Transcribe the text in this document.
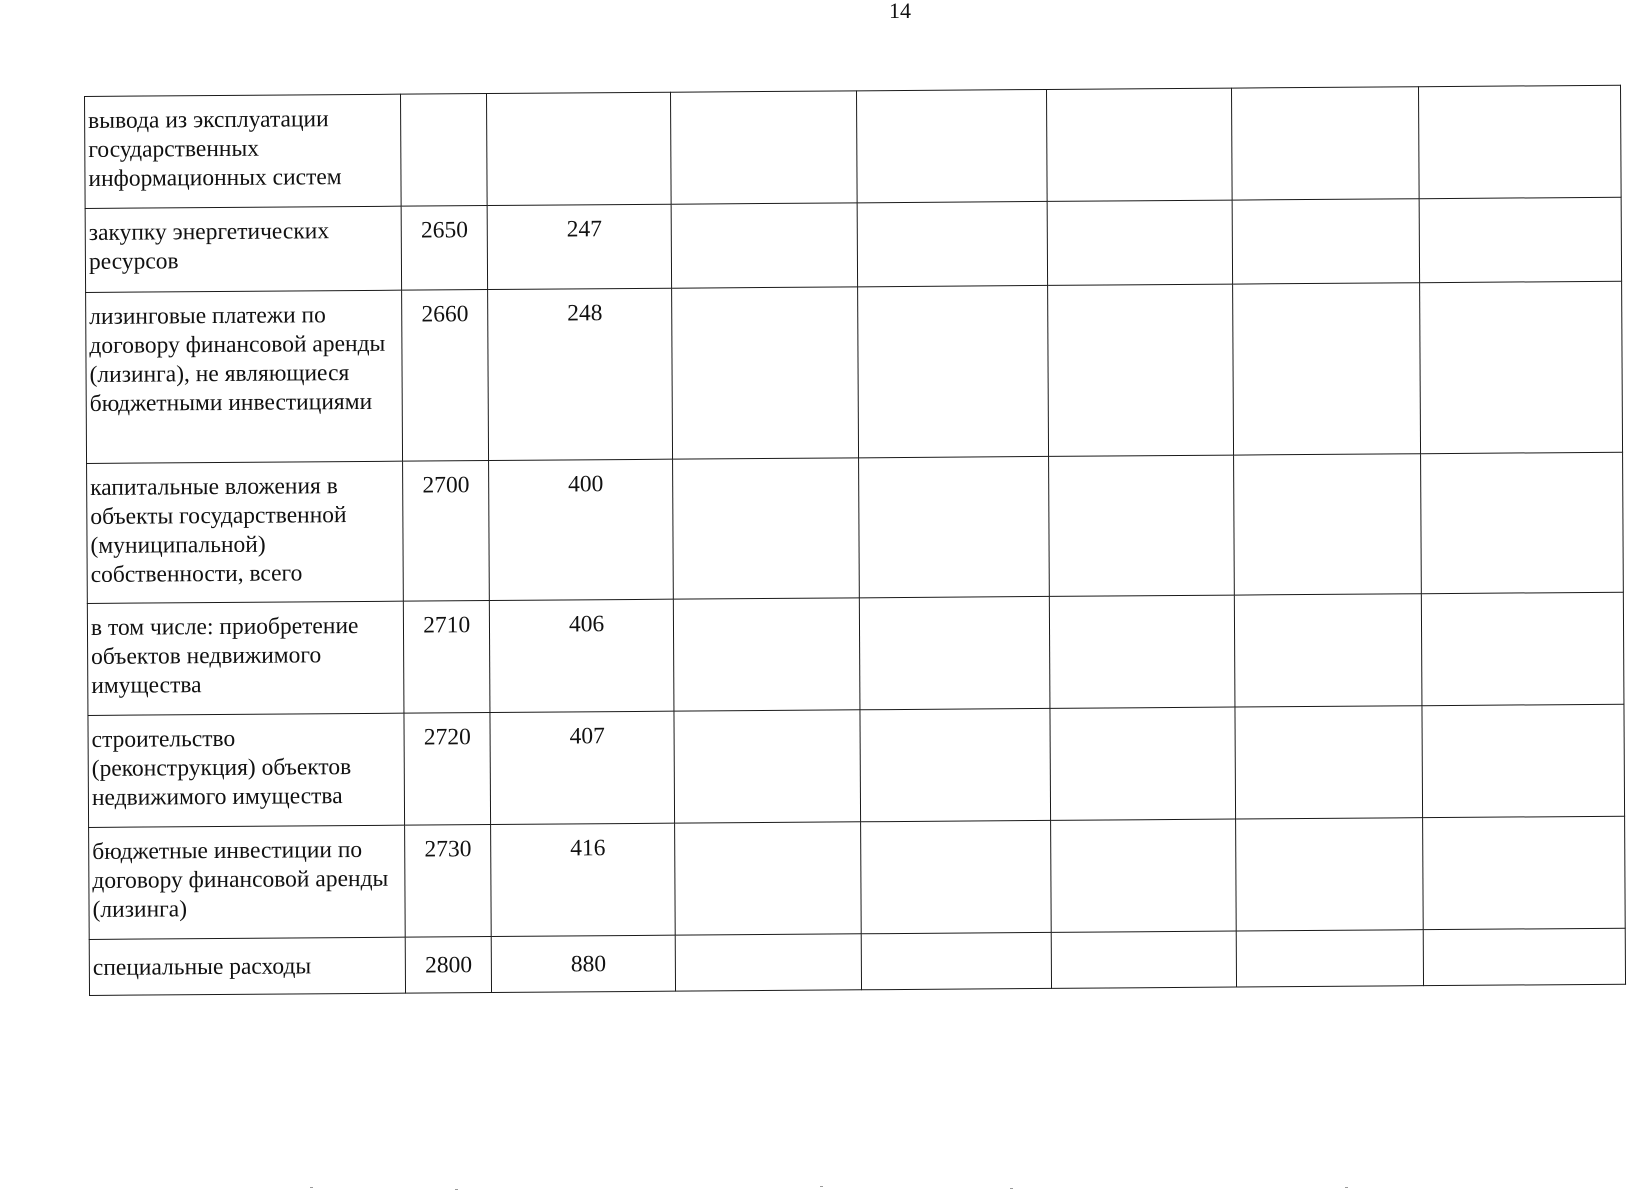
14
вывода из эксплуатации государственных информационных систем							
закупку энергетических ресурсов	2650	247					
лизинговые платежи по договору финансовой аренды (лизинга), не являющиеся бюджетными инвестициями	2660	248					
капитальные вложения в объекты государственной (муниципальной) собственности, всего	2700	400					
в том числе: приобретение объектов недвижимого имущества	2710	406					
строительство (реконструкция) объектов недвижимого имущества	2720	407					
бюджетные инвестиции по договору финансовой аренды (лизинга)	2730	416					
специальные расходы	2800	880					
